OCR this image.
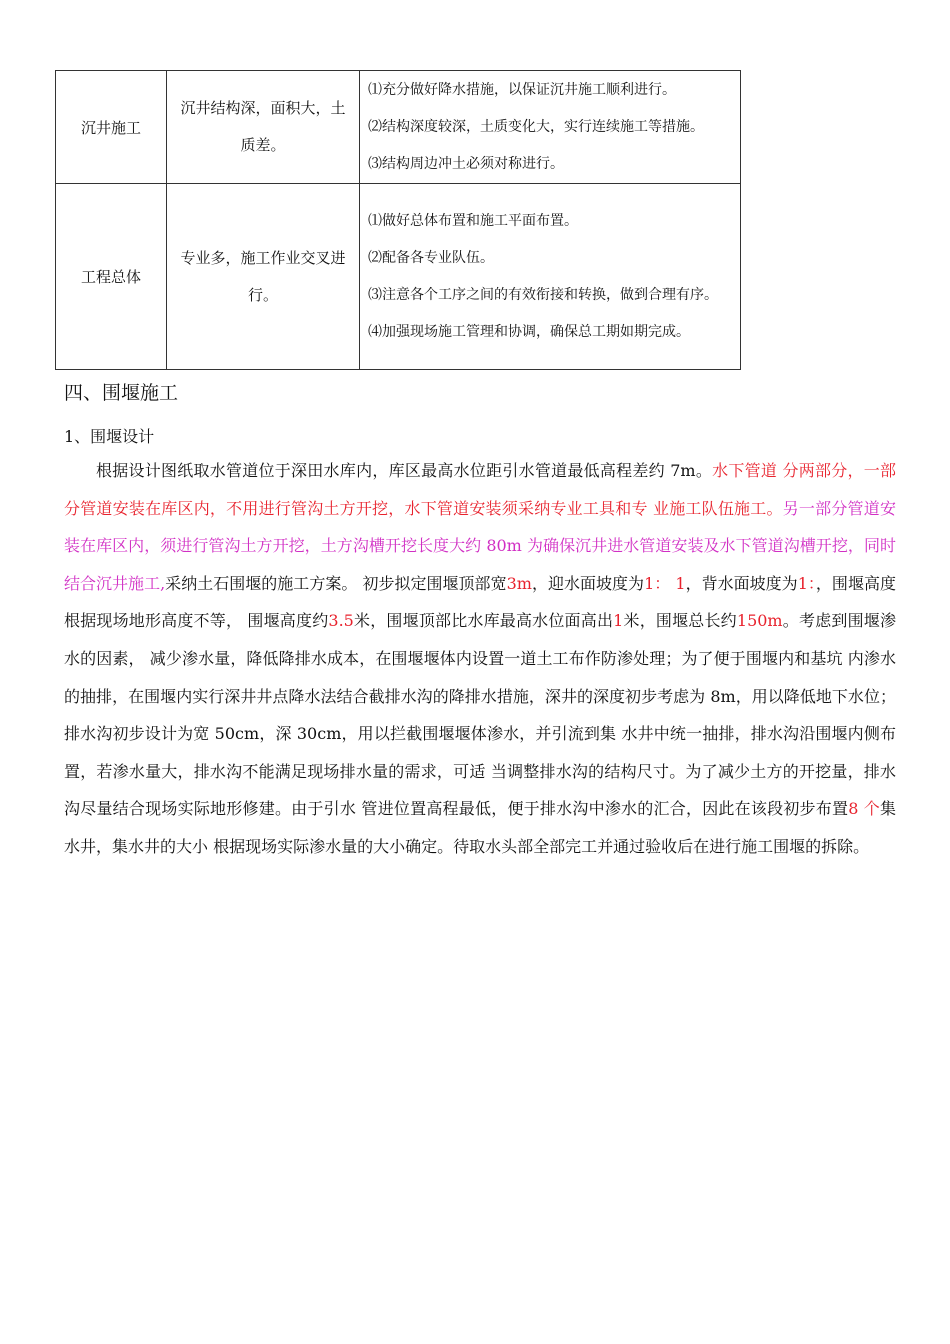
沉井施工	沉井结构深，面积大，土质差。	⑴充分做好降水措施，以保证沉井施工顺利进行。
⑵结构深度较深，土质变化大，实行连续施工等措施。
⑶结构周边冲土必须对称进行。

工程总体	专业多，施工作业交叉进行。	⑴做好总体布置和施工平面布置。
⑵配备各专业队伍。
⑶注意各个工序之间的有效衔接和转换，做到合理有序。
⑷加强现场施工管理和协调，确保总工期如期完成。
四、围堰施工
1、围堰设计
根据设计图纸取水管道位于深田水库内，库区最高水位距引水管道最低高程差约 7m。水下管道 分两部分，一部分管道安装在库区内，不用进行管沟土方开挖，水下管道安装须采纳专业工具和专 业施工队伍施工。另一部分管道安装在库区内，须进行管沟土方开挖，土方沟槽开挖长度大约 80m 为确保沉井进水管道安装及水下管道沟槽开挖，同时结合沉井施工,采纳土石围堰的施工方案。 初步拟定围堰顶部宽3m，迎水面坡度为1： 1，背水面坡度为1：，围堰高度根据现场地形高度不等， 围堰高度约3.5米，围堰顶部比水库最高水位面高出1米，围堰总长约150m。考虑到围堰渗水的因素， 减少渗水量，降低降排水成本，在围堰堰体内设置一道土工布作防渗处理；为了便于围堰内和基坑 内渗水的抽排，在围堰内实行深井井点降水法结合截排水沟的降排水措施，深井的深度初步考虑为 8m，用以降低地下水位；排水沟初步设计为宽 50cm，深 30cm，用以拦截围堰堰体渗水，并引流到集 水井中统一抽排，排水沟沿围堰内侧布置，若渗水量大，排水沟不能满足现场排水量的需求，可适 当调整排水沟的结构尺寸。为了减少土方的开挖量，排水沟尽量结合现场实际地形修建。由于引水 管进位置高程最低，便于排水沟中渗水的汇合，因此在该段初步布置8 个集水井，集水井的大小 根据现场实际渗水量的大小确定。待取水头部全部完工并通过验收后在进行施工围堰的拆除。
